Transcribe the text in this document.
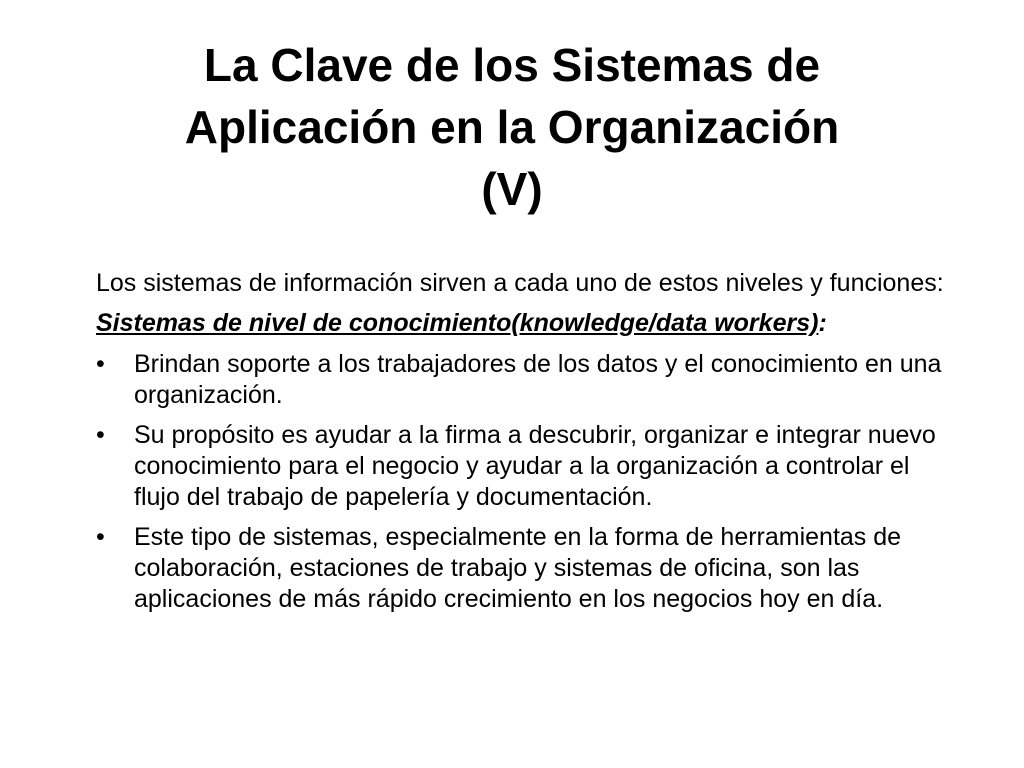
La Clave de los Sistemas de
Aplicación en la Organización
(V)

Los sistemas de información sirven a cada uno de estos niveles y funciones:

Sistemas de nivel de conocimiento(knowledge/data workers):

•	Brindan soporte a los trabajadores de los datos y el conocimiento en una organización.
•	Su propósito es ayudar a la firma a descubrir, organizar e integrar nuevo conocimiento para el negocio y ayudar a la organización a controlar el flujo del trabajo de papelería y documentación.
•	Este tipo de sistemas, especialmente en la forma de herramientas de colaboración, estaciones de trabajo y sistemas de oficina, son las aplicaciones de más rápido crecimiento en los negocios hoy en día.
